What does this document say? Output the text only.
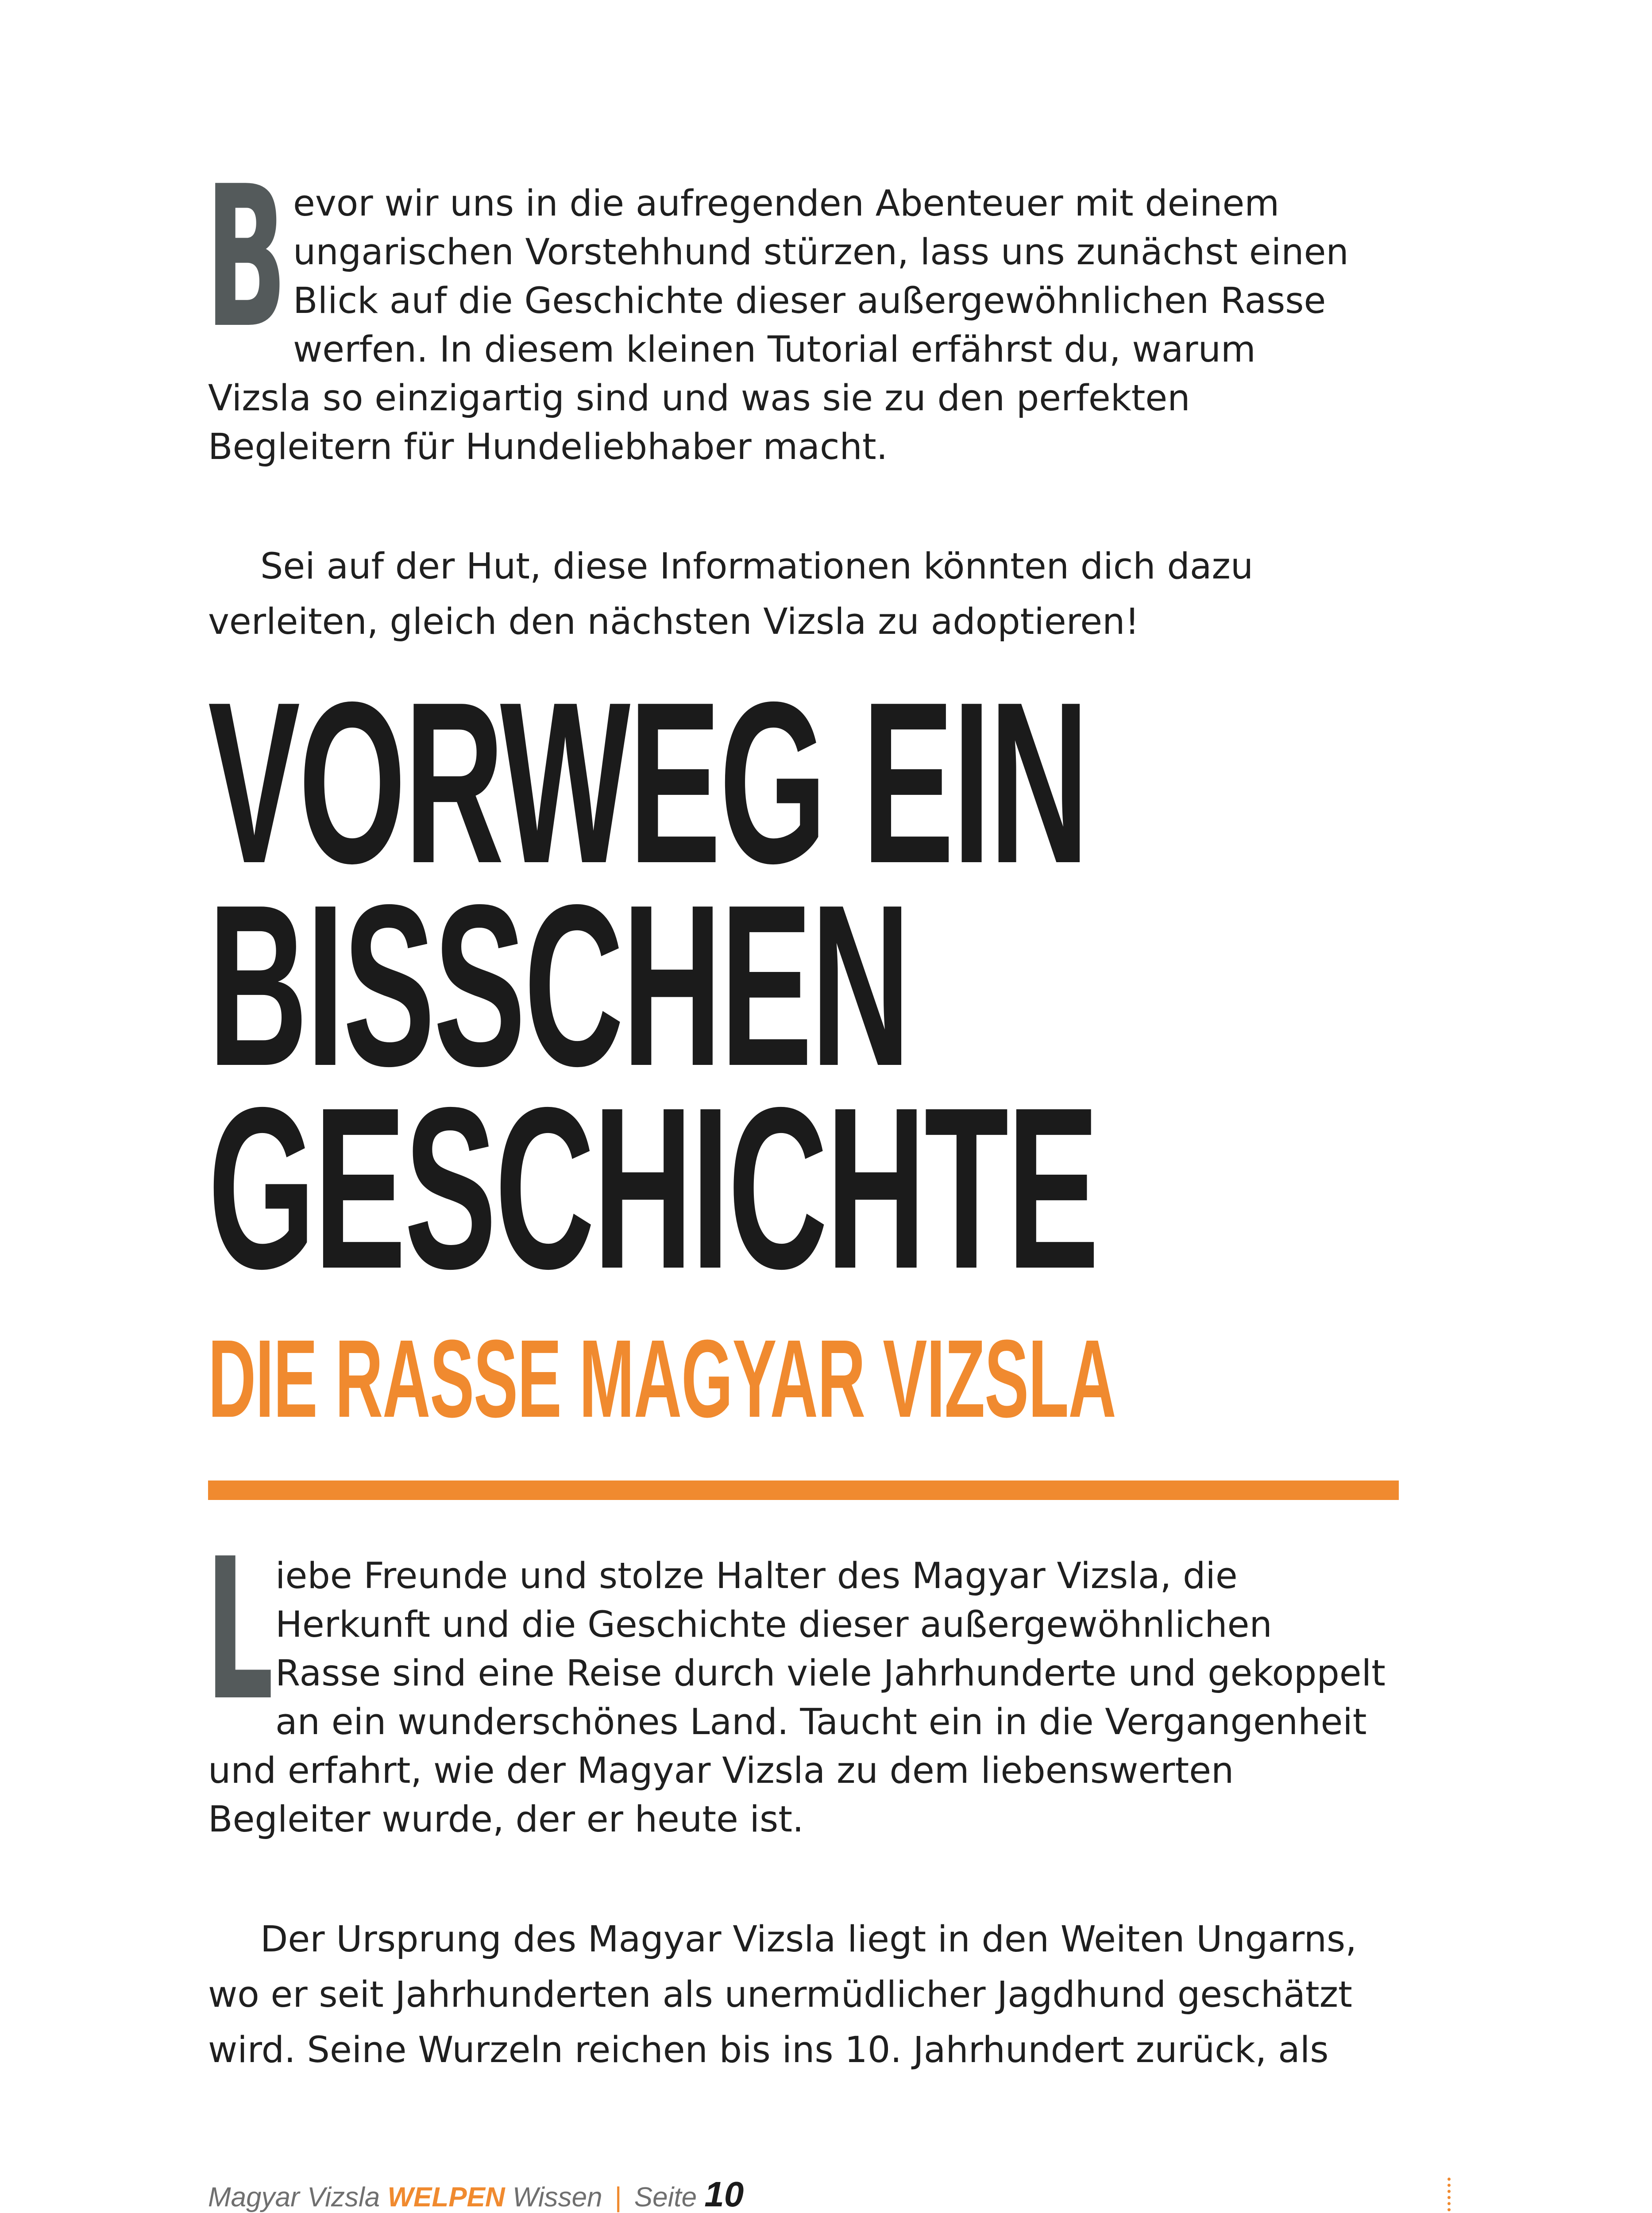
Bevor wir uns in die aufregenden Abenteuer mit deinem ungarischen Vorstehhund stürzen, lass uns zunächst einen Blick auf die Geschichte dieser außergewöhnlichen Rasse werfen. In diesem kleinen Tutorial erfährst du, warum Vizsla so einzigartig sind und was sie zu den perfekten Begleitern für Hundeliebhaber macht.

Sei auf der Hut, diese Informationen könnten dich dazu verleiten, gleich den nächsten Vizsla zu adoptieren!

VORWEG EIN
BISSCHEN
GESCHICHTE
DIE RASSE MAGYAR VIZSLA

Liebe Freunde und stolze Halter des Magyar Vizsla, die Herkunft und die Geschichte dieser außergewöhnlichen Rasse sind eine Reise durch viele Jahrhunderte und gekoppelt an ein wunderschönes Land. Taucht ein in die Vergangenheit und erfahrt, wie der Magyar Vizsla zu dem liebenswerten Begleiter wurde, der er heute ist.

Der Ursprung des Magyar Vizsla liegt in den Weiten Ungarns, wo er seit Jahrhunderten als unermüdlicher Jagdhund geschätzt wird. Seine Wurzeln reichen bis ins 10. Jahrhundert zurück, als

Magyar Vizsla WELPEN Wissen | Seite 10
